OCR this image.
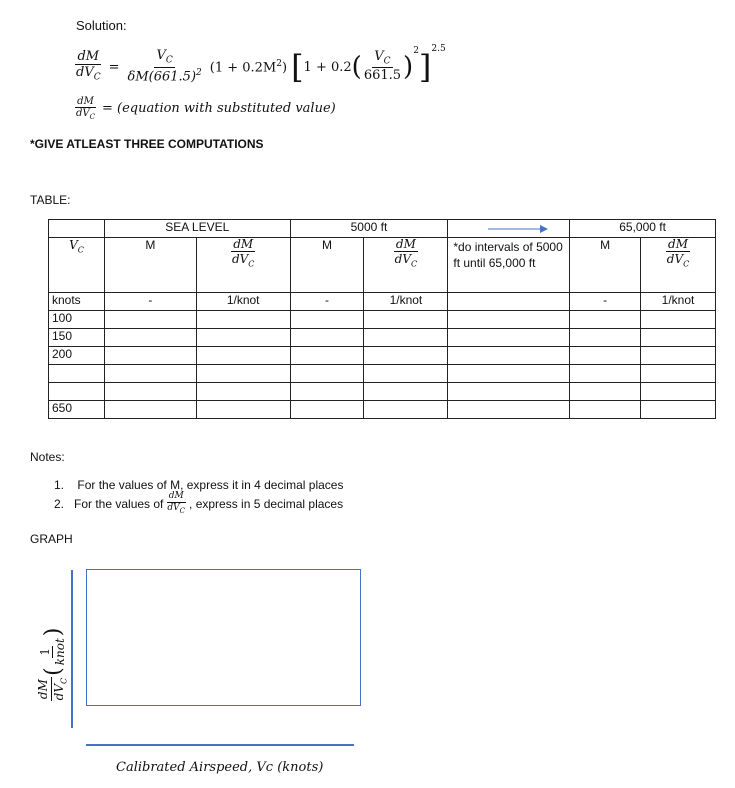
Solution:
$\frac{dM}{dV_C} = \frac{V_C}{\delta M(661.5)^2} (1 + 0.2M^2)$ [ 1 + 0.2 ( $\frac{V_C}{661.5}$ )
$^2$ ]$^{2.5}$
$\frac{dM}{dV_C}$ = (equation with substituted value)
*GIVE ATLEAST THREE COMPUTATIONS
TABLE:
	SEA LEVEL		5000 ft			65,000 ft	
$V_C$	M	$\frac{dM}{dV_C}$	M	$\frac{dM}{dV_C}$	*do intervals of 5000 ft until 65,000 ft	M	$\frac{dM}{dV_C}$

knots	-	1/knot	-	1/knot		-	1/knot
100							
150							
200							

650							
Notes:
1. For the values of M, express it in 4 decimal places
2. For the values of $\frac{dM}{dV_C}$ , express in 5 decimal places
GRAPH
dM $dV_C$
(
1 knot
)
Calibrated Airspeed, Vc (knots)
